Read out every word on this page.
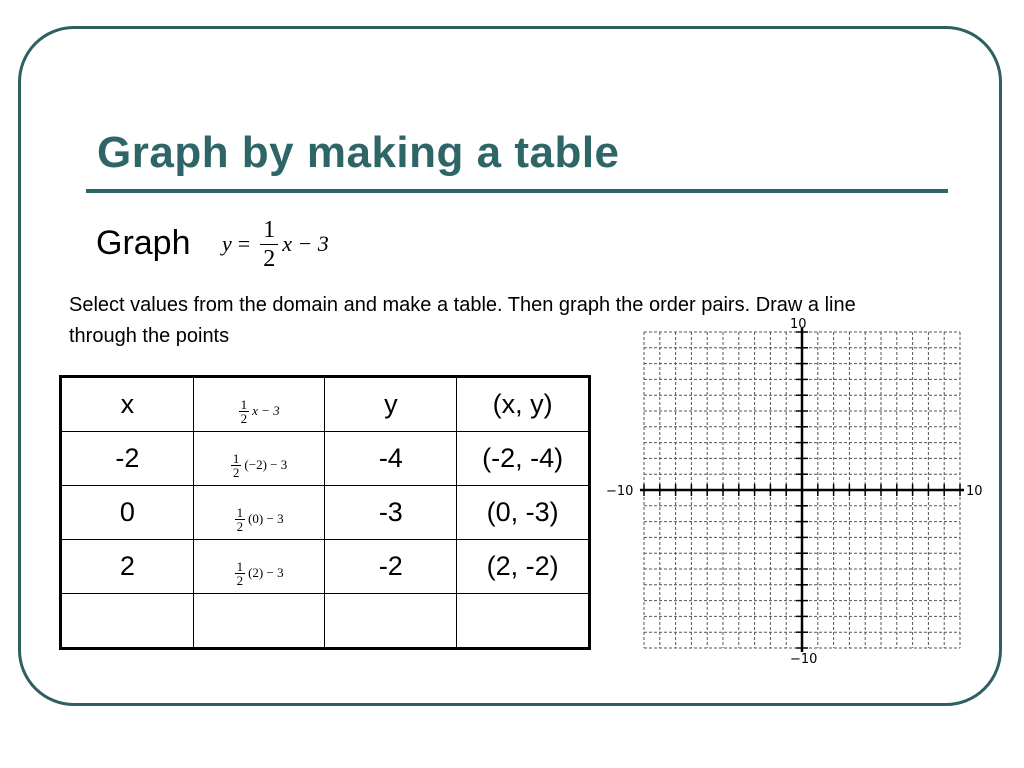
Graph by making a table
Graph $y = \frac{1}{2}$ x − 3

Select values from the domain and make a table. Then graph the order pairs. Draw a line through the points

x	$\frac{1}{2}$ x − 3	y	(x, y)
-2	$\frac{1}{2} (-2) - 3$	-4	(-2, -4)
0	$\frac{1}{2} (0) - 3$	-3	(0, -3)
2	$\frac{1}{2} (2) - 3$	-2	(2, -2)

10
−10
−10	10
